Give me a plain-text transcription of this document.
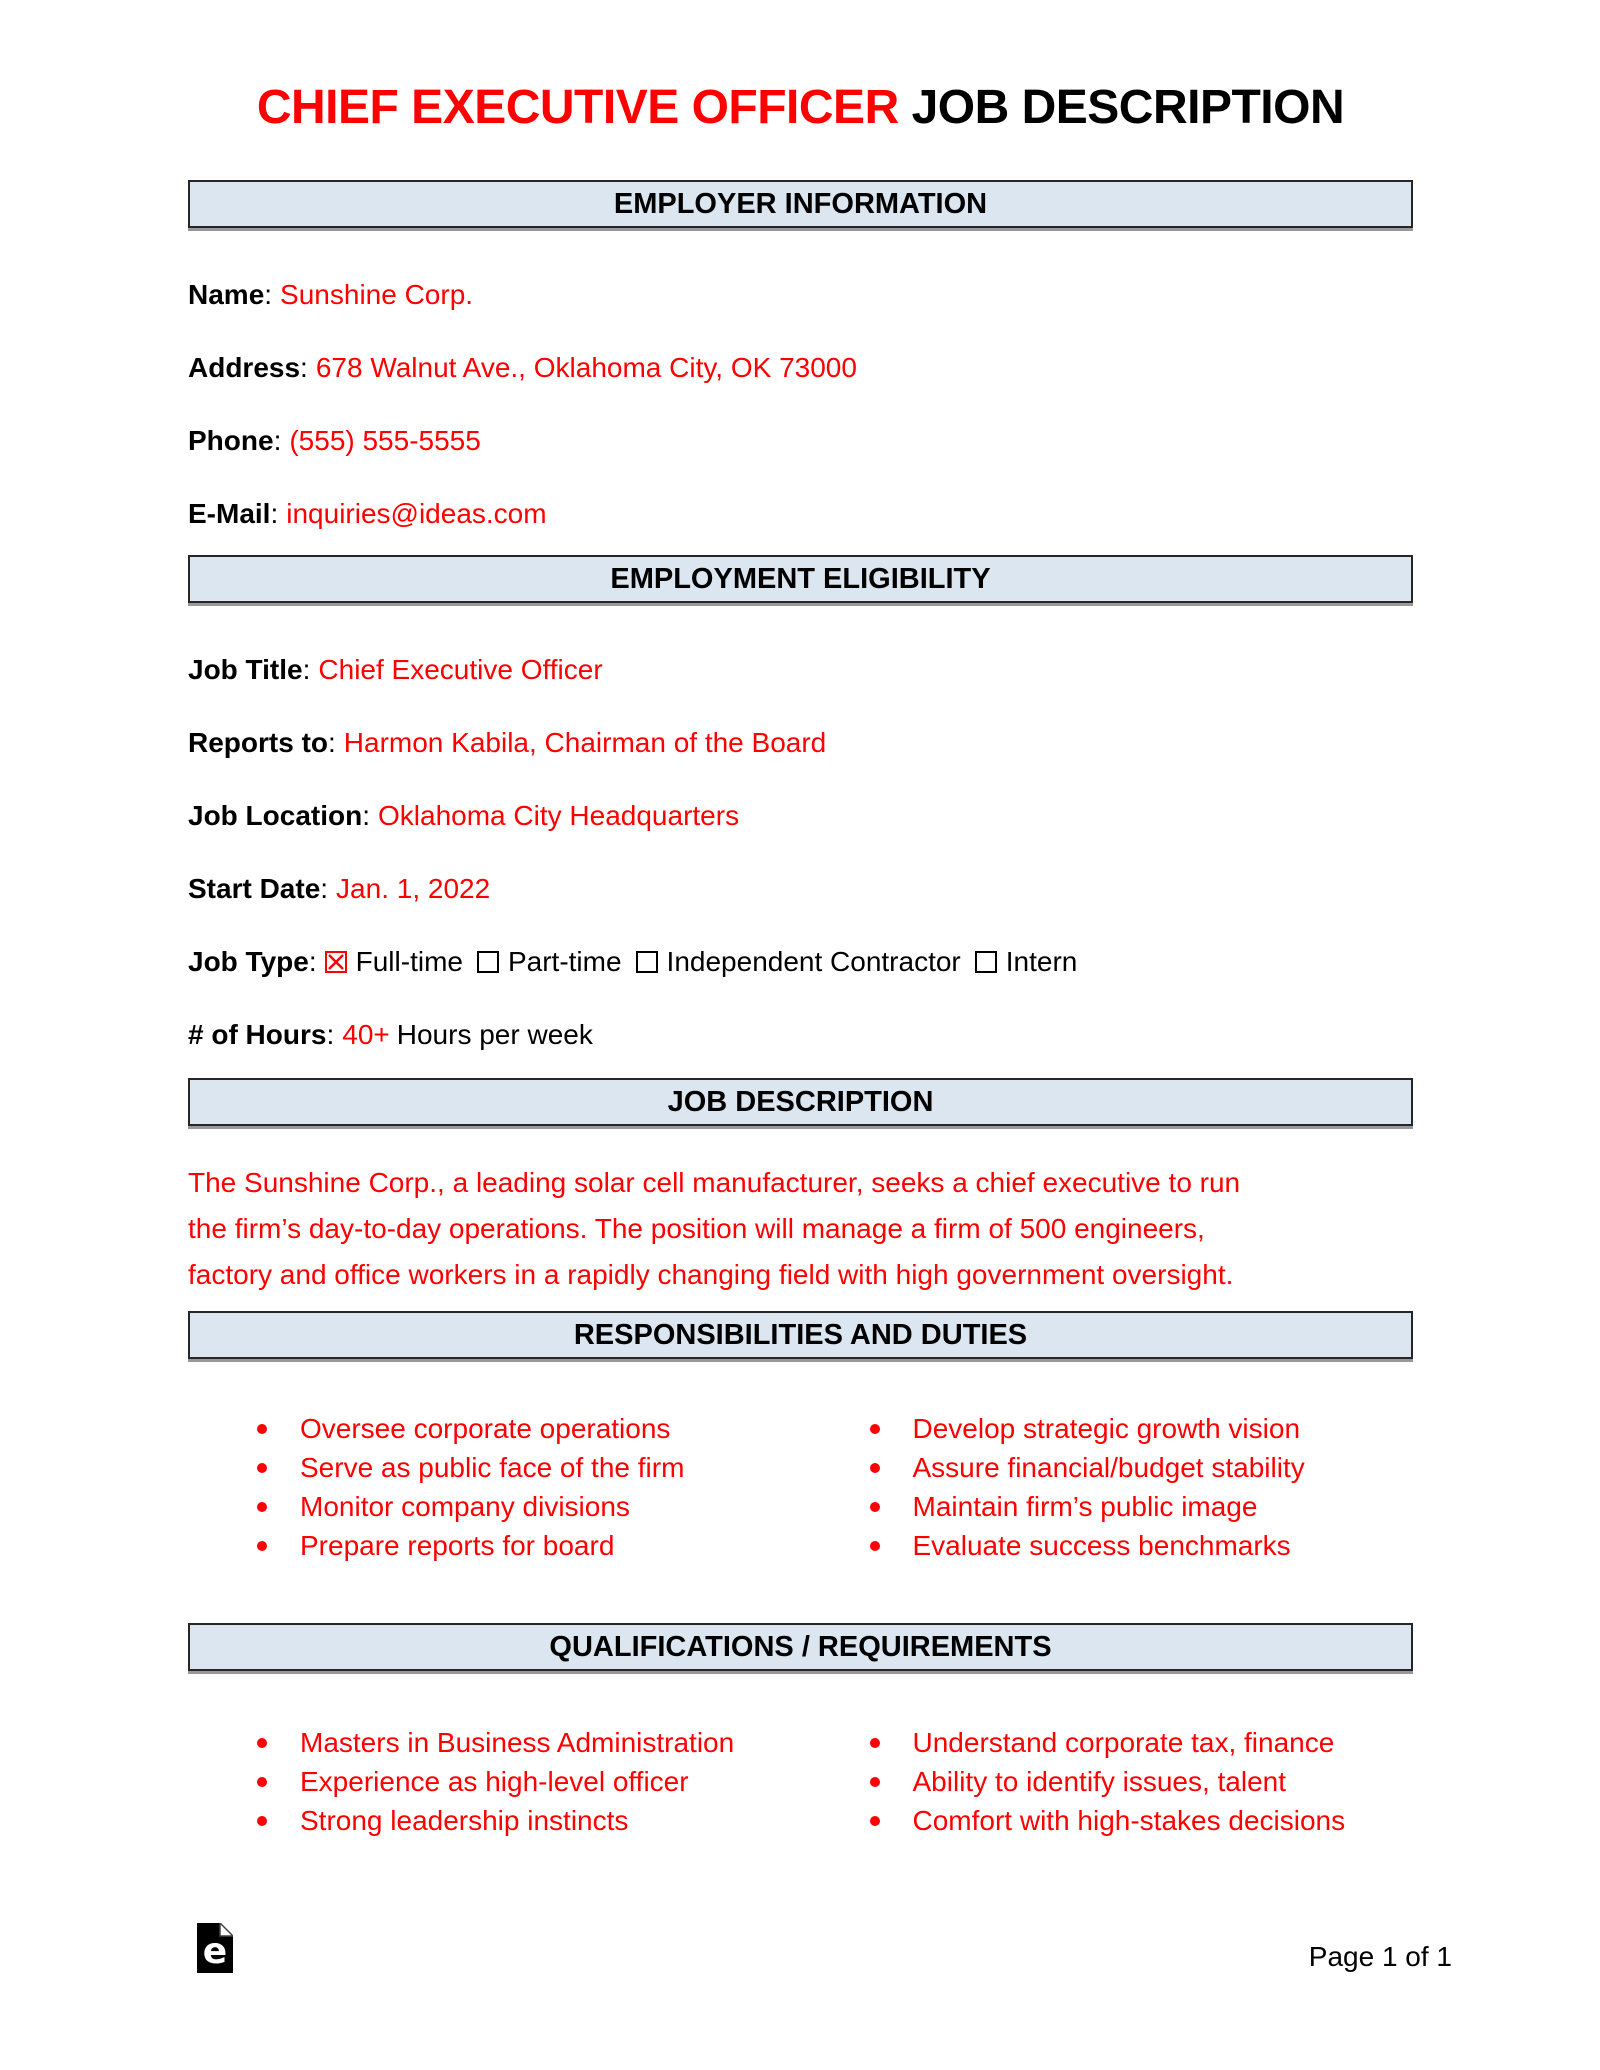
CHIEF EXECUTIVE OFFICER JOB DESCRIPTION
EMPLOYER INFORMATION
Name: Sunshine Corp.
Address: 678 Walnut Ave., Oklahoma City, OK 73000
Phone: (555) 555-5555
E-Mail: inquiries@ideas.com
EMPLOYMENT ELIGIBILITY
Job Title: Chief Executive Officer
Reports to: Harmon Kabila, Chairman of the Board
Job Location: Oklahoma City Headquarters
Start Date: Jan. 1, 2022
Job Type: Full-time Part-time Independent Contractor Intern
# of Hours: 40+ Hours per week
JOB DESCRIPTION
The Sunshine Corp., a leading solar cell manufacturer, seeks a chief executive to run
the firm’s day-to-day operations. The position will manage a firm of 500 engineers,
factory and office workers in a rapidly changing field with high government oversight.
RESPONSIBILITIES AND DUTIES
Oversee corporate operations
Serve as public face of the firm
Monitor company divisions
Prepare reports for board
Develop strategic growth vision
Assure financial/budget stability
Maintain firm’s public image
Evaluate success benchmarks
QUALIFICATIONS / REQUIREMENTS
Masters in Business Administration
Experience as high-level officer
Strong leadership instincts
Understand corporate tax, finance
Ability to identify issues, talent
Comfort with high-stakes decisions
e	Page 1 of 1
